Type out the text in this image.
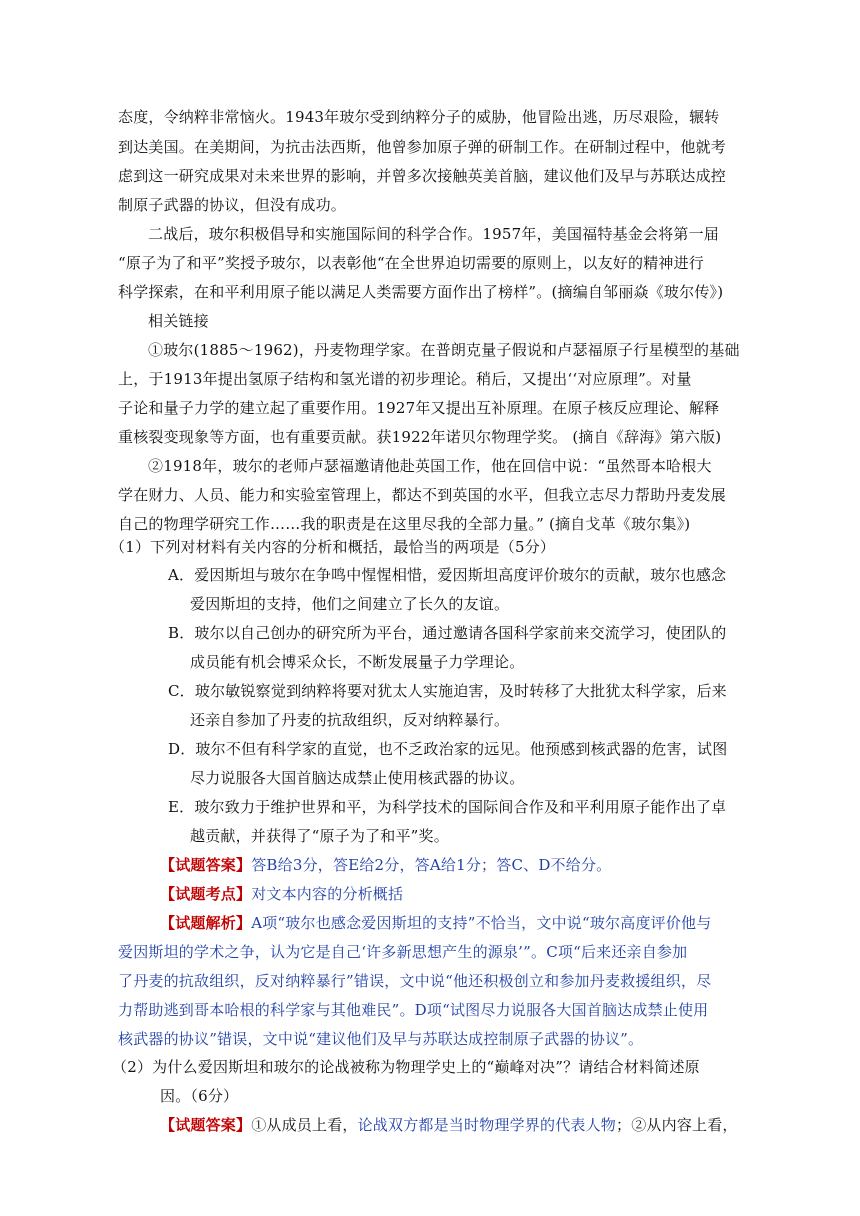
态度，令纳粹非常恼火。1943年玻尔受到纳粹分子的威胁，他冒险出逃，历尽艰险，辗转
到达美国。在美期间，为抗击法西斯，他曾参加原子弹的研制工作。在研制过程中，他就考
虑到这一研究成果对未来世界的影响，并曾多次接触英美首脑，建议他们及早与苏联达成控
制原子武器的协议，但没有成功。
二战后，玻尔积极倡导和实施国际间的科学合作。1957年，美国福特基金会将第一届
“原子为了和平”奖授予玻尔，以表彰他“在全世界迫切需要的原则上，以友好的精神进行
科学探索，在和平利用原子能以满足人类需要方面作出了榜样”。(摘编自邹丽焱《玻尔传》)
相关链接
①玻尔(1885～1962)，丹麦物理学家。在普朗克量子假说和卢瑟福原子行星模型的基础
上，于1913年提出氢原子结构和氢光谱的初步理论。稍后，又提出‘‘对应原理”。对量
子论和量子力学的建立起了重要作用。1927年又提出互补原理。在原子核反应理论、解释
重核裂变现象等方面，也有重要贡献。获1922年诺贝尔物理学奖。 (摘自《辞海》第六版)
②1918年，玻尔的老师卢瑟福邀请他赴英国工作，他在回信中说：“虽然哥本哈根大
学在财力、人员、能力和实验室管理上，都达不到英国的水平，但我立志尽力帮助丹麦发展
自己的物理学研究工作……我的职责是在这里尽我的全部力量。” (摘自戈革《玻尔集》)
（1）下列对材料有关内容的分析和概括，最恰当的两项是（5分）
A．爱因斯坦与玻尔在争鸣中惺惺相惜，爱因斯坦高度评价玻尔的贡献，玻尔也感念
爱因斯坦的支持，他们之间建立了长久的友谊。
B．玻尔以自己创办的研究所为平台，通过邀请各国科学家前来交流学习，使团队的
成员能有机会博采众长，不断发展量子力学理论。
C．玻尔敏锐察觉到纳粹将要对犹太人实施迫害，及时转移了大批犹太科学家，后来
还亲自参加了丹麦的抗敌组织，反对纳粹暴行。
D．玻尔不但有科学家的直觉，也不乏政治家的远见。他预感到核武器的危害，试图
尽力说服各大国首脑达成禁止使用核武器的协议。
E．玻尔致力于维护世界和平，为科学技术的国际间合作及和平利用原子能作出了卓
越贡献，并获得了“原子为了和平”奖。
【试题答案】答B给3分，答E给2分，答A给1分；答C、D不给分。
【试题考点】对文本内容的分析概括
【试题解析】A项“玻尔也感念爱因斯坦的支持”不恰当，文中说“玻尔高度评价他与
爱因斯坦的学术之争，认为它是自己‘许多新思想产生的源泉’”。C项“后来还亲自参加
了丹麦的抗敌组织，反对纳粹暴行”错误，文中说“他还积极创立和参加丹麦救援组织，尽
力帮助逃到哥本哈根的科学家与其他难民”。D项“试图尽力说服各大国首脑达成禁止使用
核武器的协议”错误，文中说“建议他们及早与苏联达成控制原子武器的协议”。
（2）为什么爱因斯坦和玻尔的论战被称为物理学史上的“巅峰对决”？请结合材料简述原
因。（6分）
【试题答案】①从成员上看，论战双方都是当时物理学界的代表人物；②从内容上看，
